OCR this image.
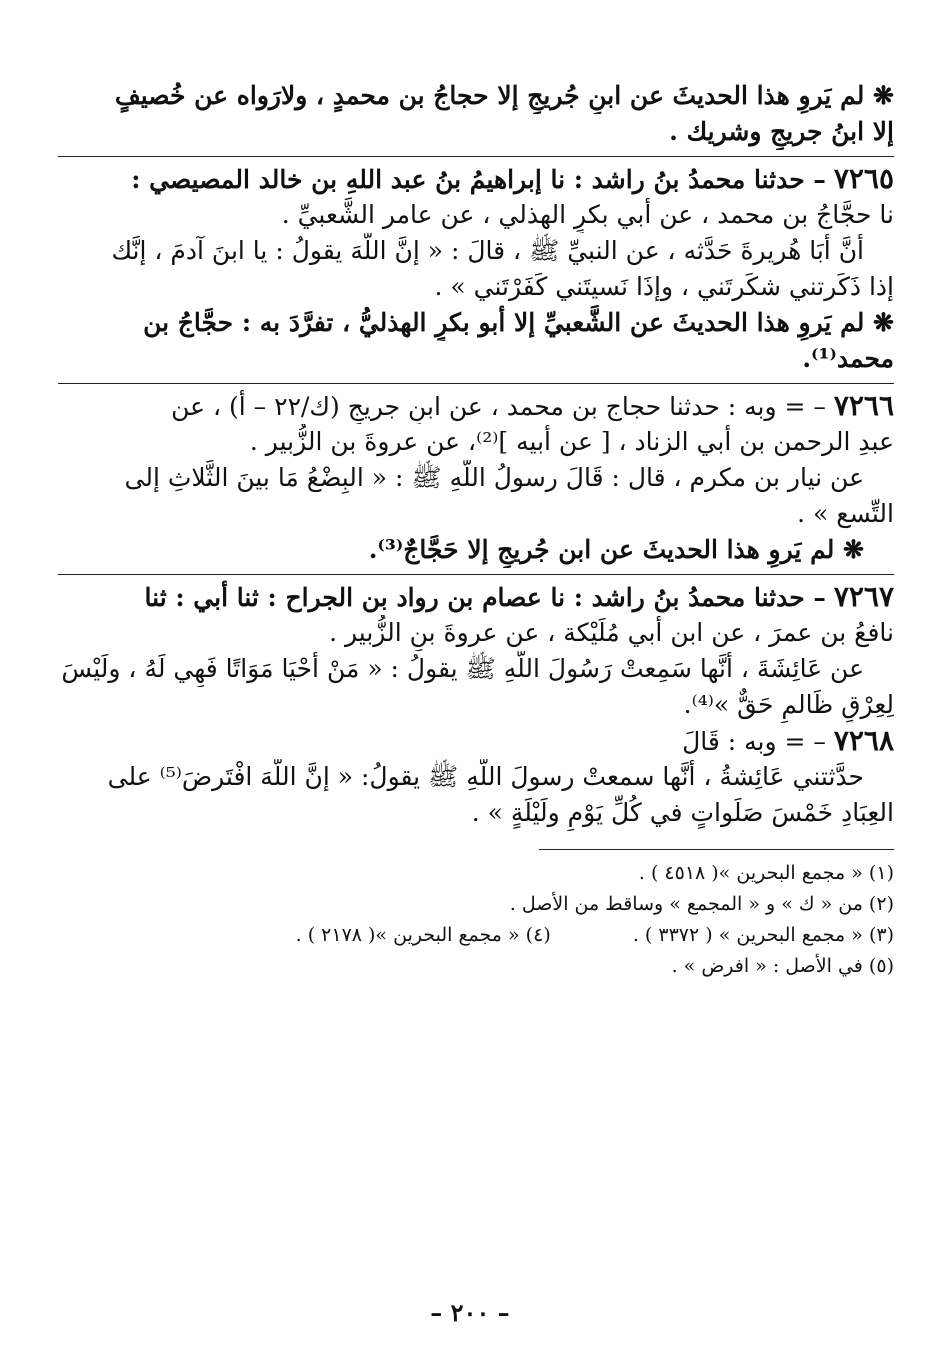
❋ لم يَروِ هذا الحديثَ عن ابنِ جُريجٍ إلا حجاجُ بن محمدٍ ، ولارَواه عن خُصيفٍ

إلا ابنُ جريجٍ وشريك .

٧٢٦٥ – حدثنا محمدُ بنُ راشد : نا إبراهيمُ بنُ عبد اللهِ بن خالد المصيصي :

نا حجَّاجُ بن محمد ، عن أبي بكرٍ الهذلي ، عن عامر الشَّعبيِّ .

أنَّ أبَا هُريرةَ حَدَّثه ، عن النبيِّ ﷺ ، قالَ : « إنَّ اللَّهَ يقولُ : يا ابنَ آدمَ ، إنَّك

إذا ذَكَرتني شكَرتَني ، وإذَا نَسيتَني كَفَرْتَني » .

❋ لم يَروِ هذا الحديثَ عن الشَّعبيِّ إلا أبو بكرٍ الهذليُّ ، تفرَّدَ به : حجَّاجُ بن

محمد⁽¹⁾.

٧٢٦٦ – = وبه : حدثنا حجاج بن محمد ، عن ابنِ جريجٍ (ك/٢٢ – أ) ، عن

عبدِ الرحمن بن أبي الزناد ، [ عن أبيه ]⁽²⁾، عن عروةَ بن الزُّبير .

عن نيار بن مكرم ، قال : قَالَ رسولُ اللَّهِ ﷺ : « البِضْعُ مَا بينَ الثَّلاثِ إلى

التِّسع » .

❋ لم يَروِ هذا الحديثَ عن ابن جُريجٍ إلا حَجَّاجٌ⁽³⁾.

٧٢٦٧ – حدثنا محمدُ بنُ راشد : نا عصام بن رواد بن الجراح : ثنا أبي : ثنا

نافعُ بن عمرَ ، عن ابن أبي مُلَيْكة ، عن عروةَ بنِ الزُّبير .

عن عَائِشَةَ ، أنَّها سَمِعتْ رَسُولَ اللَّهِ ﷺ يقولُ : « مَنْ أحْيَا مَوَاتًا فَهِي لَهُ ، ولَيْسَ

لِعِرْقٍ ظَالمٍ حَقٌّ »⁽⁴⁾.

٧٢٦٨ – = وبه : قَالَ

حدَّثتني عَائِشةُ ، أنَّها سمعتْ رسولَ اللَّهِ ﷺ يقولُ: « إنَّ اللَّهَ افْتَرضَ⁽⁵⁾ على

العِبَادِ خَمْسَ صَلَواتٍ في كُلِّ يَوْمٍ ولَيْلَةٍ » .

(١) « مجمع البحرين »( ٤٥١٨ ) .

(٢) من « ك » و « المجمع » وساقط من الأصل .

(٣) « مجمع البحرين » ( ٣٣٧٢ ) .  (٤) « مجمع البحرين »( ٢١٧٨ ) .

(٥) في الأصل : « افرض » .

– ٢٠٠ –
